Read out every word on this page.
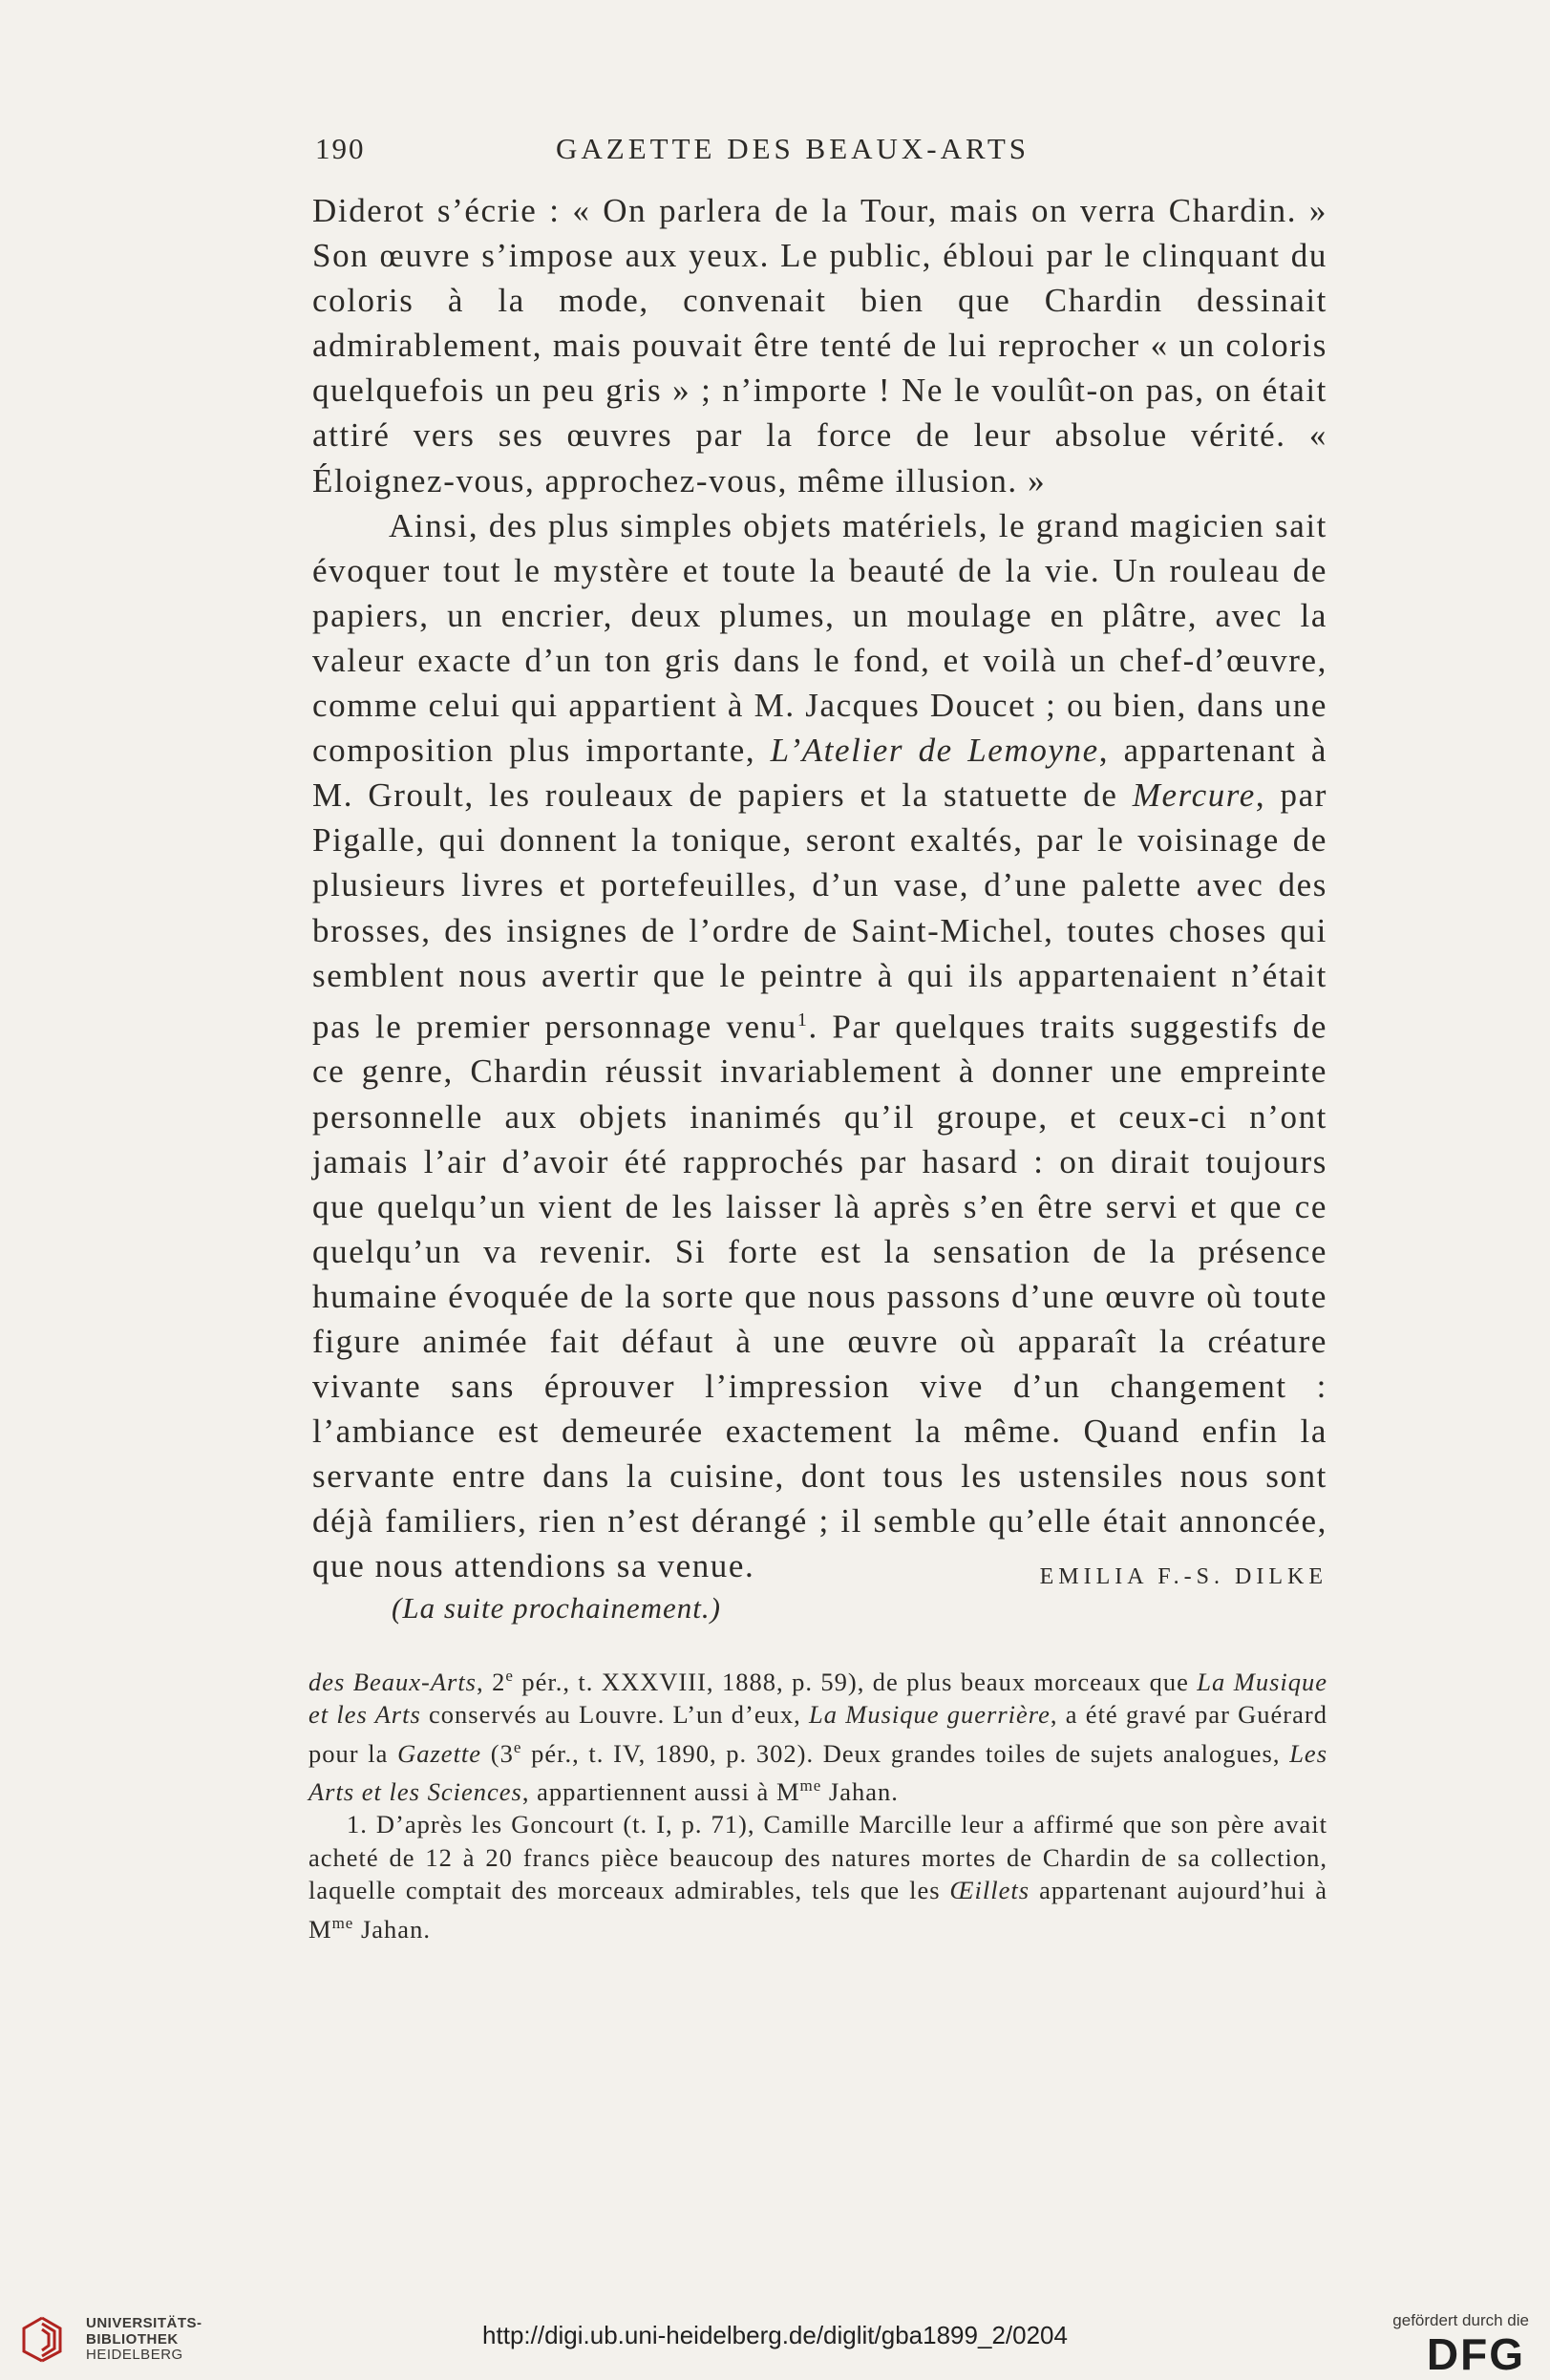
190	GAZETTE DES BEAUX-ARTS

Diderot s’écrie : « On parlera de la Tour, mais on verra Chardin. » Son œuvre s’impose aux yeux. Le public, ébloui par le clinquant du coloris à la mode, convenait bien que Chardin dessinait admirablement, mais pouvait être tenté de lui reprocher « un coloris quelquefois un peu gris » ; n’importe ! Ne le voulût-on pas, on était attiré vers ses œuvres par la force de leur absolue vérité. « Éloignez-vous, approchez-vous, même illusion. »

Ainsi, des plus simples objets matériels, le grand magicien sait évoquer tout le mystère et toute la beauté de la vie. Un rouleau de papiers, un encrier, deux plumes, un moulage en plâtre, avec la valeur exacte d’un ton gris dans le fond, et voilà un chef-d’œuvre, comme celui qui appartient à M. Jacques Doucet ; ou bien, dans une composition plus importante, L’Atelier de Lemoyne, appartenant à M. Groult, les rouleaux de papiers et la statuette de Mercure, par Pigalle, qui donnent la tonique, seront exaltés, par le voisinage de plusieurs livres et portefeuilles, d’un vase, d’une palette avec des brosses, des insignes de l’ordre de Saint-Michel, toutes choses qui semblent nous avertir que le peintre à qui ils appartenaient n’était pas le premier personnage venu$^1$. Par quelques traits suggestifs de ce genre, Chardin réussit invariablement à donner une empreinte personnelle aux objets inanimés qu’il groupe, et ceux-ci n’ont jamais l’air d’avoir été rapprochés par hasard : on dirait toujours que quelqu’un vient de les laisser là après s’en être servi et que ce quelqu’un va revenir. Si forte est la sensation de la présence humaine évoquée de la sorte que nous passons d’une œuvre où toute figure animée fait défaut à une œuvre où apparaît la créature vivante sans éprouver l’impression vive d’un changement : l’ambiance est demeurée exactement la même. Quand enfin la servante entre dans la cuisine, dont tous les ustensiles nous sont déjà familiers, rien n’est dérangé ; il semble qu’elle était annoncée, que nous attendions sa venue.	EMILIA F.-S. DILKE
(La suite prochainement.)

des Beaux-Arts, 2e pér., t. XXXVIII, 1888, p. 59), de plus beaux morceaux que La Musique et les Arts conservés au Louvre. L’un d’eux, La Musique guerrière, a été gravé par Guérard pour la Gazette (3e pér., t. IV, 1890, p. 302). Deux grandes toiles de sujets analogues, Les Arts et les Sciences, appartiennent aussi à $M^{me}$ Jahan.

1. D’après les Goncourt (t. I, p. 71), Camille Marcille leur a affirmé que son père avait acheté de 12 à 20 francs pièce beaucoup des natures mortes de Chardin de sa collection, laquelle comptait des morceaux admirables, tels que les Œillets appartenant aujourd’hui à $M^{me}$ Jahan.

UNIVERSITÄTS-
BIBLIOTHEK
HEIDELBERG
http://digi.ub.uni-heidelberg.de/diglit/gba1899_2/0204
gefördert durch die
DFG
